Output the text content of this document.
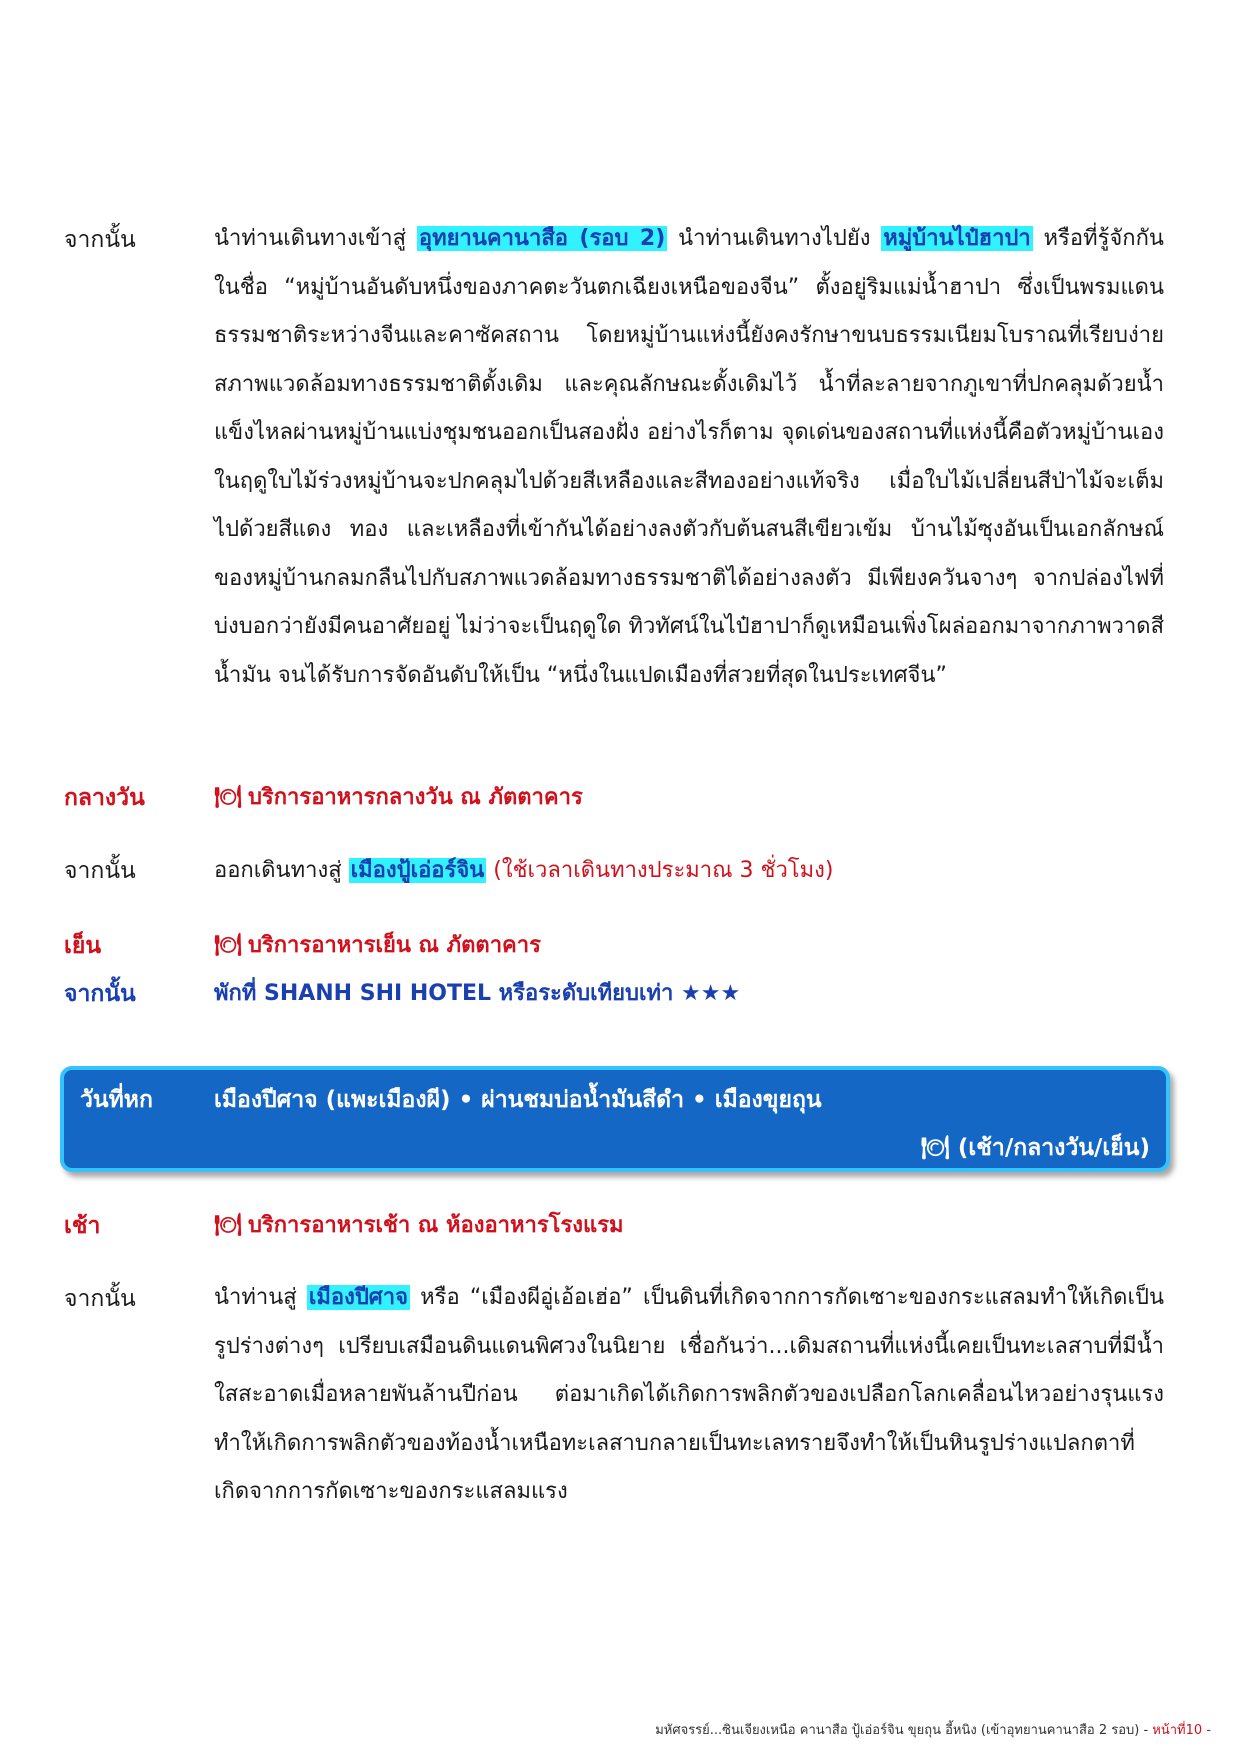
จากนั้น	นำท่านเดินทางเข้าสู่ อุทยานคานาสือ (รอบ 2) นำท่านเดินทางไปยัง หมู่บ้านไป๋ฮาปา หรือที่รู้จักกันในชื่อ “หมู่บ้านอันดับหนึ่งของภาคตะวันตกเฉียงเหนือของจีน” ตั้งอยู่ริมแม่น้ำฮาปา ซึ่งเป็นพรมแดนธรรมชาติระหว่างจีนและคาซัคสถาน โดยหมู่บ้านแห่งนี้ยังคงรักษาขนบธรรมเนียมโบราณที่เรียบง่าย สภาพแวดล้อมทางธรรมชาติดั้งเดิม และคุณลักษณะดั้งเดิมไว้ น้ำที่ละลายจากภูเขาที่ปกคลุมด้วยน้ำแข็งไหลผ่านหมู่บ้านแบ่งชุมชนออกเป็นสองฝั่ง อย่างไรก็ตาม จุดเด่นของสถานที่แห่งนี้คือตัวหมู่บ้านเอง ในฤดูใบไม้ร่วงหมู่บ้านจะปกคลุมไปด้วยสีเหลืองและสีทองอย่างแท้จริง เมื่อใบไม้เปลี่ยนสีป่าไม้จะเต็มไปด้วยสีแดง ทอง และเหลืองที่เข้ากันได้อย่างลงตัวกับต้นสนสีเขียวเข้ม บ้านไม้ซุงอันเป็นเอกลักษณ์ของหมู่บ้านกลมกลืนไปกับสภาพแวดล้อมทางธรรมชาติได้อย่างลงตัว มีเพียงควันจางๆ จากปล่องไฟที่บ่งบอกว่ายังมีคนอาศัยอยู่ ไม่ว่าจะเป็นฤดูใด ทิวทัศน์ในไป๋ฮาปาก็ดูเหมือนเพิ่งโผล่ออกมาจากภาพวาดสีน้ำมัน จนได้รับการจัดอันดับให้เป็น “หนึ่งในแปดเมืองที่สวยที่สุดในประเทศจีน”
กลางวัน	🍽 บริการอาหารกลางวัน ณ ภัตตาคาร
จากนั้น	ออกเดินทางสู่ เมืองปู้เอ่อร์จิน (ใช้เวลาเดินทางประมาณ 3 ชั่วโมง)
เย็น	🍽 บริการอาหารเย็น ณ ภัตตาคาร
จากนั้น	พักที่ SHANH SHI HOTEL หรือระดับเทียบเท่า ★★★
วันที่หก	เมืองปีศาจ (แพะเมืองผี) • ผ่านชมบ่อน้ำมันสีดำ • เมืองขุยถุน
🍽 (เช้า/กลางวัน/เย็น)
เช้า	🍽 บริการอาหารเช้า ณ ห้องอาหารโรงแรม
จากนั้น	นำท่านสู่ เมืองปีศาจ หรือ “เมืองผีอู่เอ้อเฮ่อ” เป็นดินที่เกิดจากการกัดเซาะของกระแสลมทำให้เกิดเป็นรูปร่างต่างๆ เปรียบเสมือนดินแดนพิศวงในนิยาย เชื่อกันว่า...เดิมสถานที่แห่งนี้เคยเป็นทะเลสาบที่มีน้ำใสสะอาดเมื่อหลายพันล้านปีก่อน ต่อมาเกิดได้เกิดการพลิกตัวของเปลือกโลกเคลื่อนไหวอย่างรุนแรง ทำให้เกิดการพลิกตัวของท้องน้ำเหนือทะเลสาบกลายเป็นทะเลทรายจึงทำให้เป็นหินรูปร่างแปลกตาที่เกิดจากการกัดเซาะของกระแสลมแรง
มหัศจรรย์...ซินเจียงเหนือ คานาสือ ปู้เอ่อร์จิน ขุยถุน อี้หนิง (เข้าอุทยานคานาสือ 2 รอบ) - หน้าที่10 -
